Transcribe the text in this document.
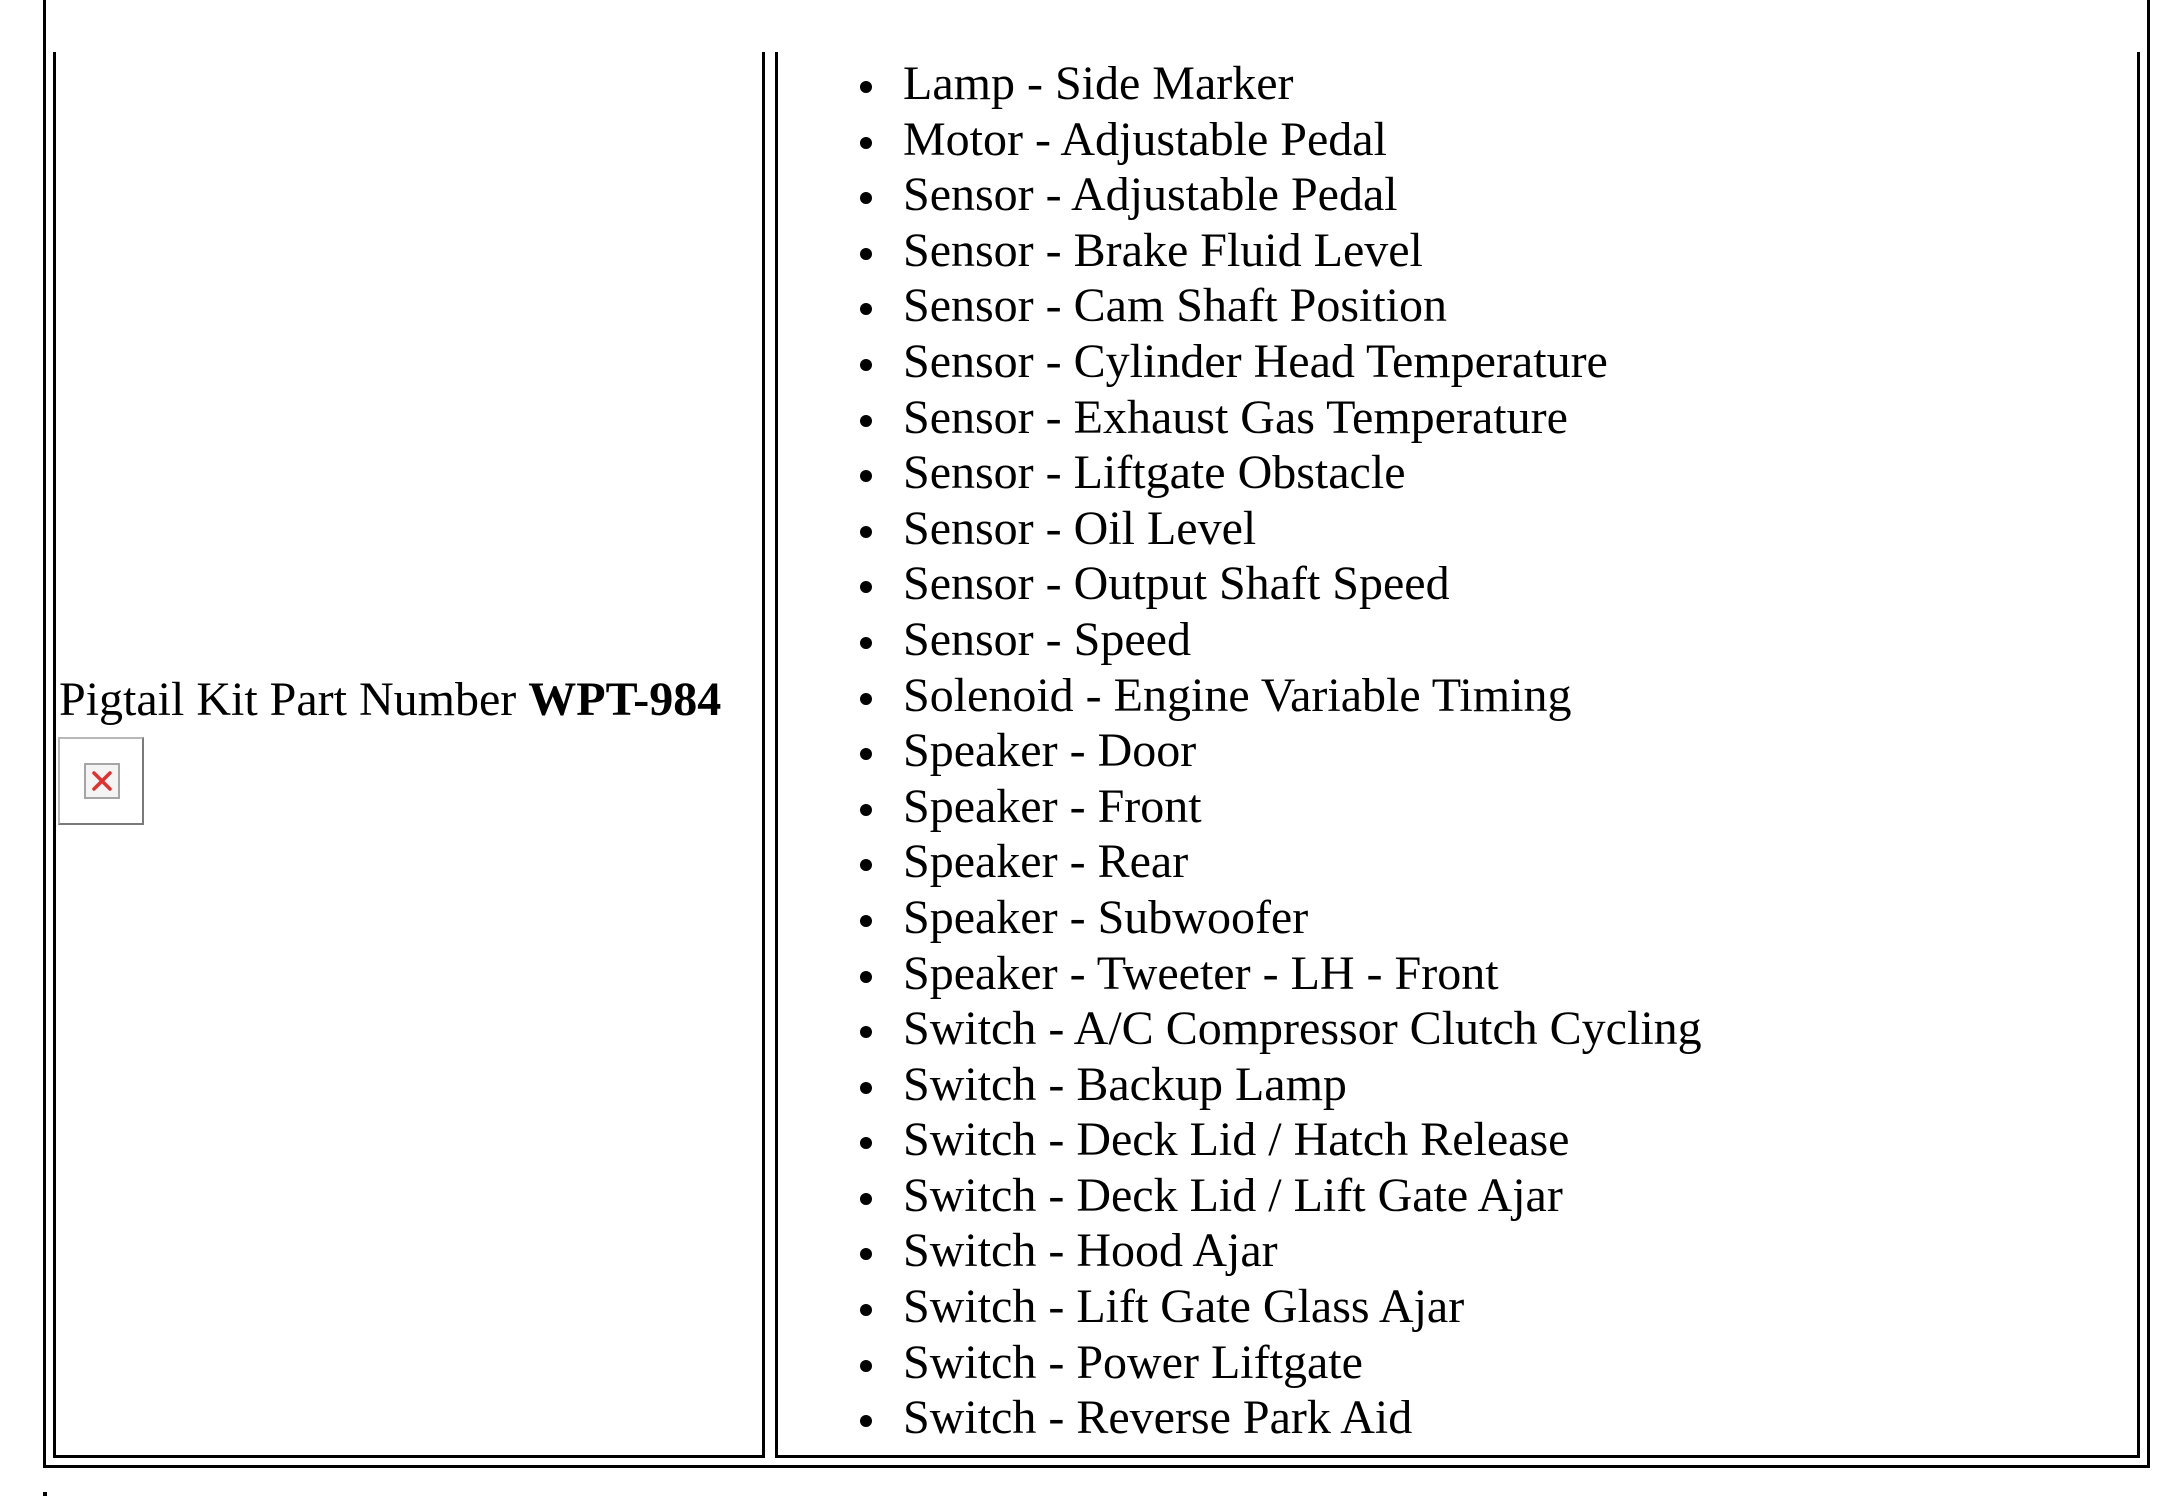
Pigtail Kit Part Number WPT-984
Lamp - Side Marker
Motor - Adjustable Pedal
Sensor - Adjustable Pedal
Sensor - Brake Fluid Level
Sensor - Cam Shaft Position
Sensor - Cylinder Head Temperature
Sensor - Exhaust Gas Temperature
Sensor - Liftgate Obstacle
Sensor - Oil Level
Sensor - Output Shaft Speed
Sensor - Speed
Solenoid - Engine Variable Timing
Speaker - Door
Speaker - Front
Speaker - Rear
Speaker - Subwoofer
Speaker - Tweeter - LH - Front
Switch - A/C Compressor Clutch Cycling
Switch - Backup Lamp
Switch - Deck Lid / Hatch Release
Switch - Deck Lid / Lift Gate Ajar
Switch - Hood Ajar
Switch - Lift Gate Glass Ajar
Switch - Power Liftgate
Switch - Reverse Park Aid
